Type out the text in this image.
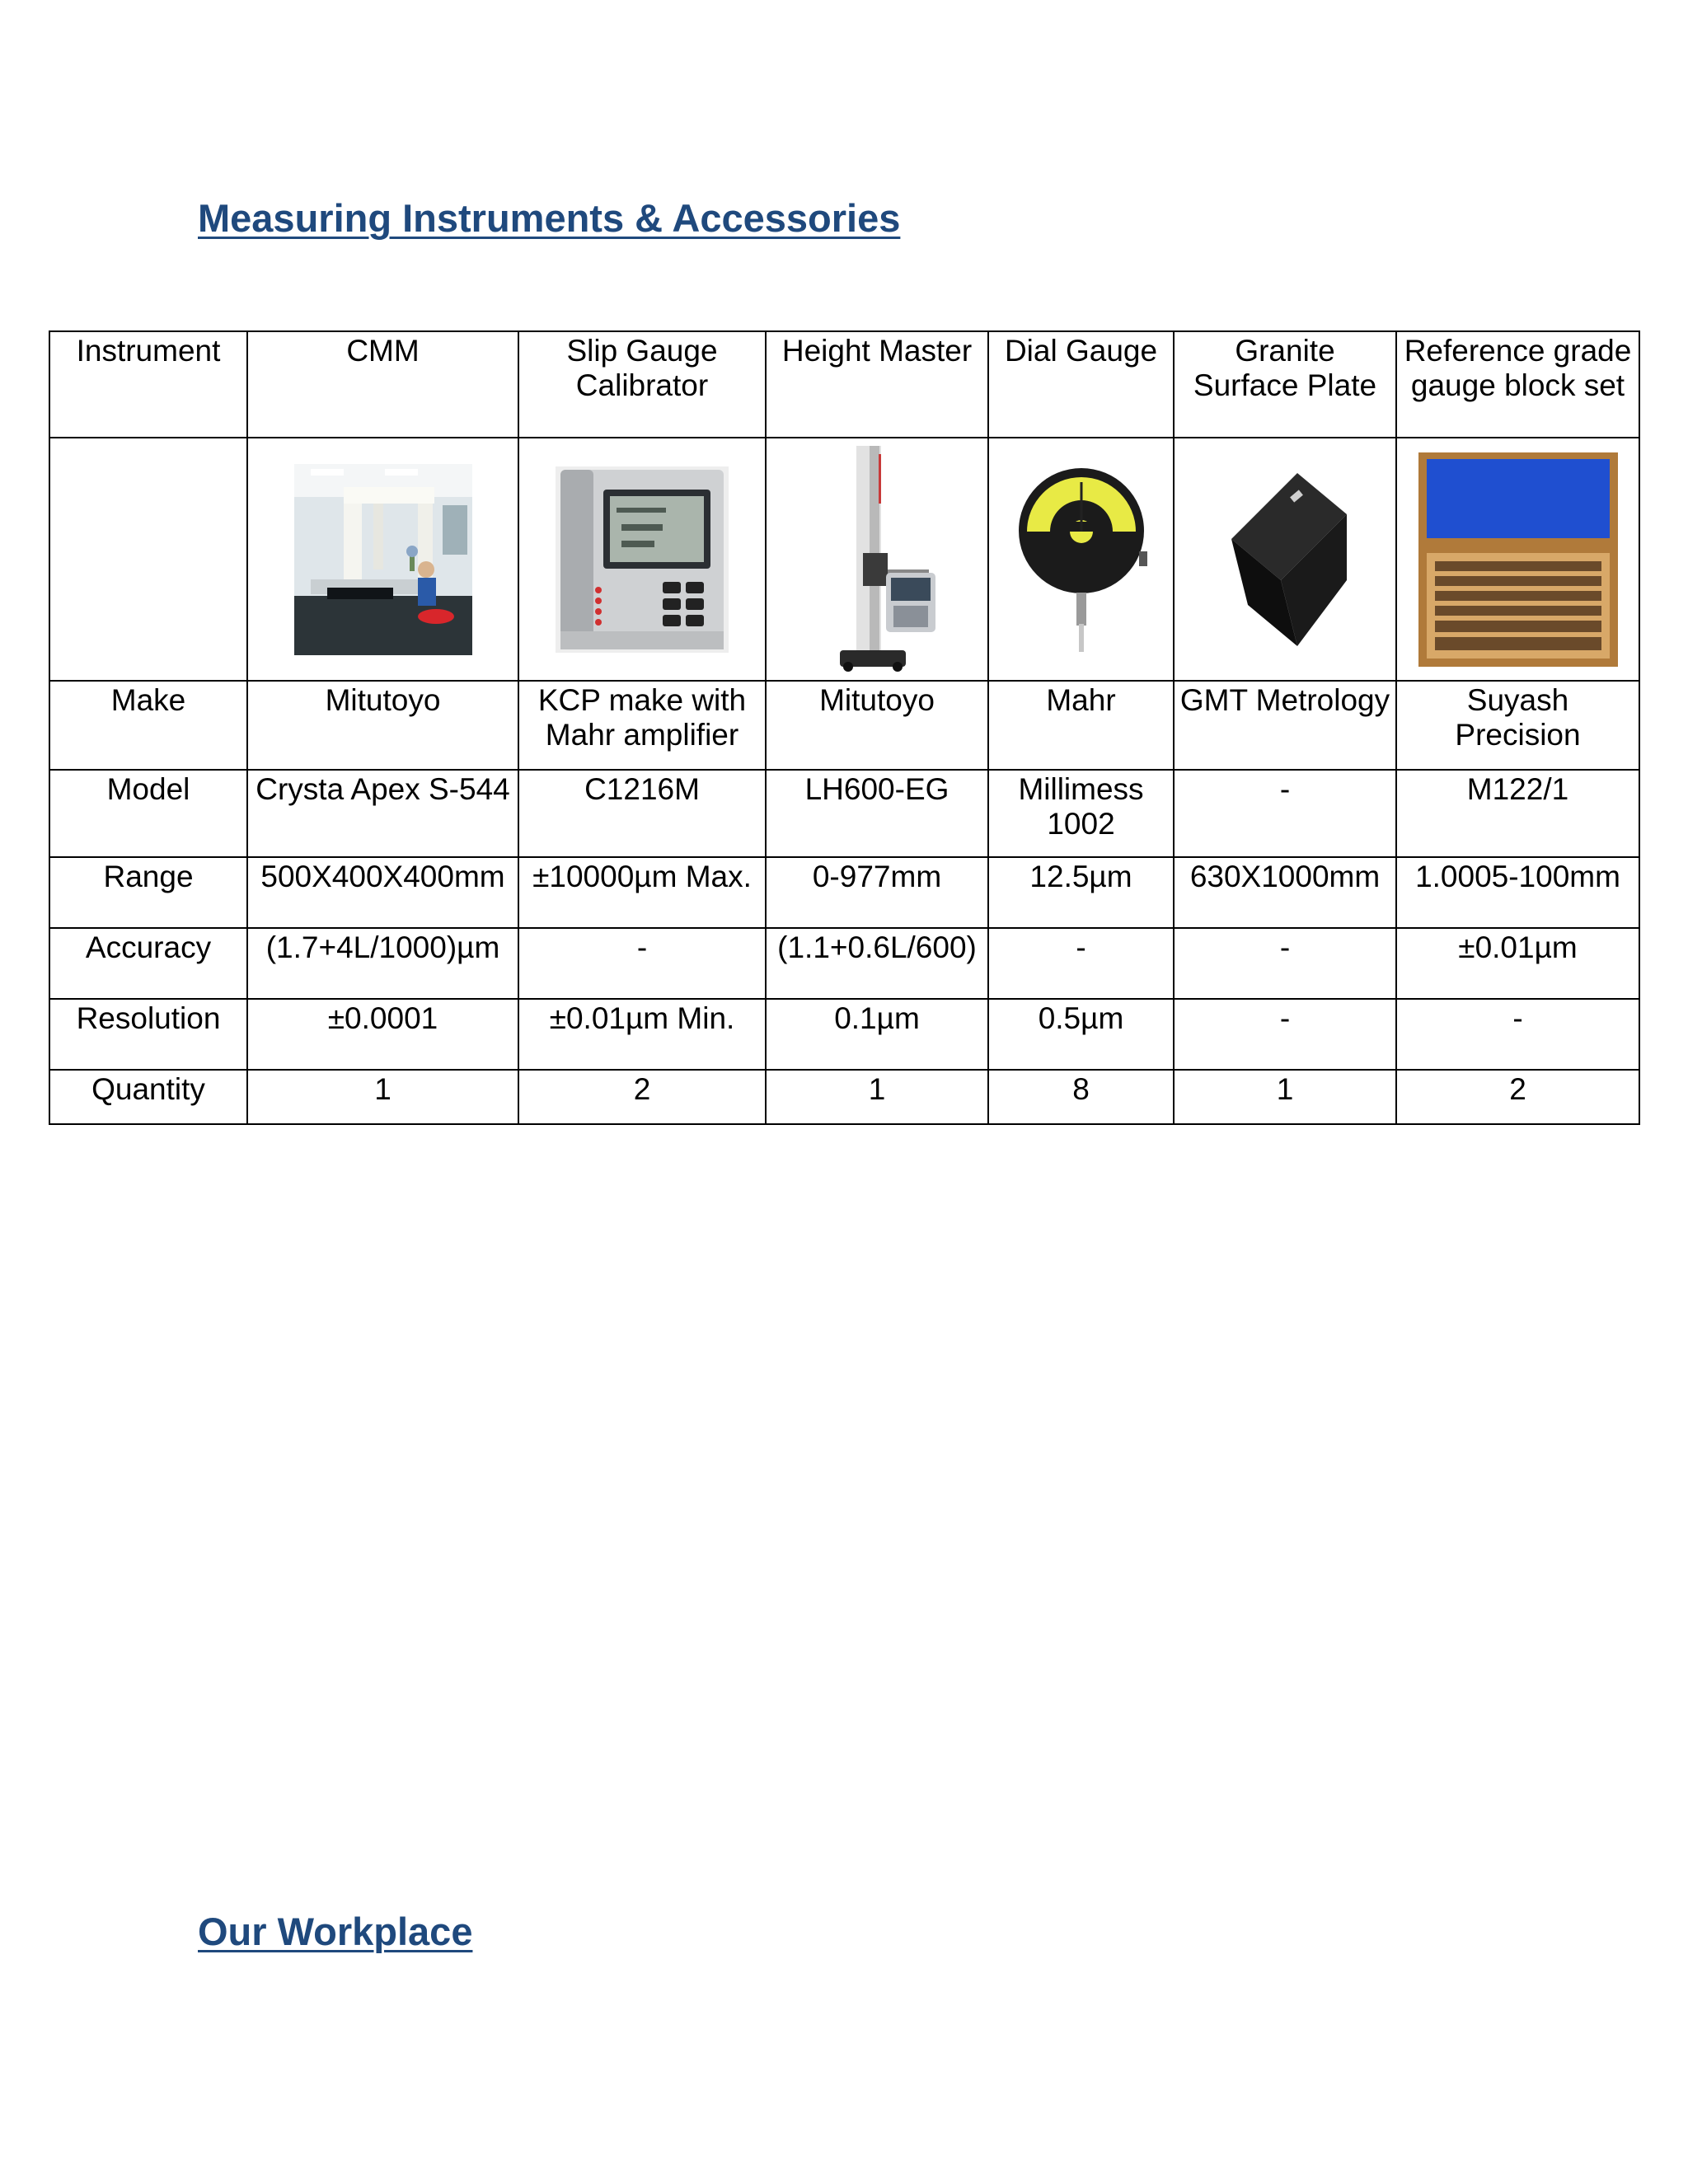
Measuring Instruments & Accessories
Instrument	CMM	Slip Gauge Calibrator	Height Master	Dial Gauge	Granite Surface Plate	Reference grade gauge block set

Make	Mitutoyo	KCP make with Mahr amplifier	Mitutoyo	Mahr	GMT Metrology	Suyash Precision
Model	Crysta Apex S-544	C1216M	LH600-EG	Millimess 1002	-	M122/1
Range	500X400X400mm	±10000µm Max.	0-977mm	12.5µm	630X1000mm	1.0005-100mm
Accuracy	(1.7+4L/1000)µm	-	(1.1+0.6L/600)	-	-	±0.01µm
Resolution	±0.0001	±0.01µm Min.	0.1µm	0.5µm	-	-
Quantity	1	2	1	8	1	2
Our Workplace
